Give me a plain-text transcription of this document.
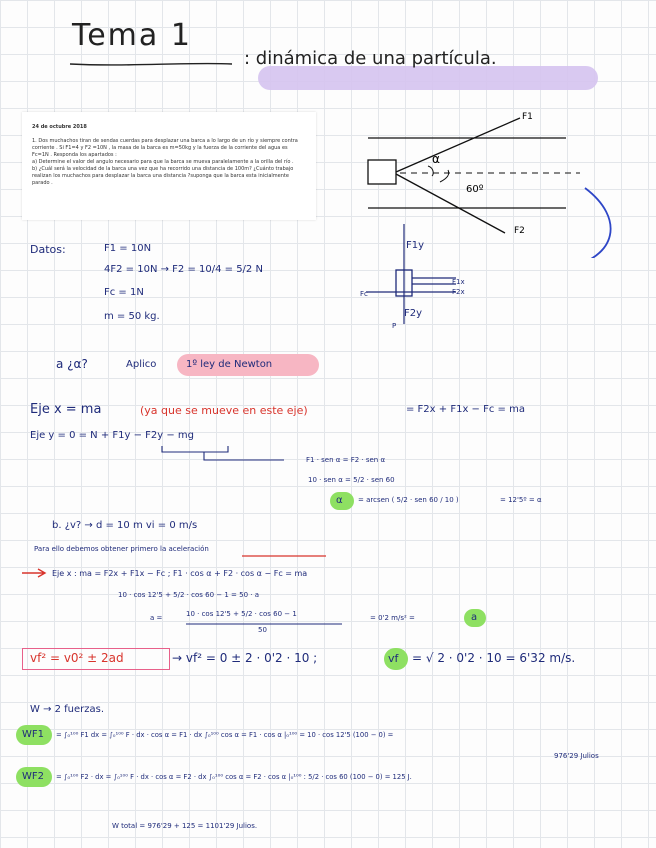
Tema 1
: dinámica de una partícula.
24 de octubre 2018
1. Dos muchachos tiran de sendas cuerdas para desplazar una barca a lo largo de un río y siempre contra corriente . Si F1=4 y F2 =10N , la masa de la barca es m=50kg y la fuerza de la corriente del agua es Fc=1N . Responda los apartados :
a) Determine el valor del angulo necesario para que la barca se mueva paralelamente a la orilla del río .
b) ¿Cuál será la velocidad de la barca una vez que ha recorrido una distancia de 100m? ¿Cuánto trabajo realizan los muchachos para desplazar la barca una distancia ?suponga que la barca esta inicialmente parado .
F1
α
60º
F2
F1y
F1x
F2x
Fc
P
F2y
Datos:	F1 = 10N
4F2 = 10N → F2 = 10/4 = 5/2 N
Fc = 1N
m = 50 kg.
a ¿α?	Aplico	1º ley de Newton
Eje x = ma	(ya que se mueve en este eje)	= F2x + F1x − Fc = ma
Eje y = 0 = N + F1y − F2y − mg
F1 · sen α = F2 · sen α
10 · sen α = 5/2 · sen 60
α = arcsen ( 5/2 · sen 60 / 10 )	= 12'5º = α
b. ¿v? → d = 10 m vi = 0 m/s
Para ello debemos obtener primero la aceleración
Eje x : ma = F2x + F1x − Fc ; F1 · cos α + F2 · cos α − Fc = ma
10 · cos 12'5 + 5/2 · cos 60 − 1 = 50 · a
a =	10 · cos 12'5 + 5/2 · cos 60 − 1
50
= 0'2 m/s² =	a
vf² = v0² ± 2ad	→ vf² = 0 ± 2 · 0'2 · 10 ;	vf = √ 2 · 0'2 · 10 = 6'32 m/s.
W → 2 fuerzas.
WF1 = ∫₀¹⁰⁰ F1 dx = ∫₀¹⁰⁰ F · dx · cos α = F1 · dx ∫₀¹⁰⁰ cos α = F1 · cos α |₀¹⁰⁰ = 10 · cos 12'5 (100 − 0) =
976'29 Julios
WF2 = ∫₀¹⁰⁰ F2 · dx = ∫₀¹⁰⁰ F · dx · cos α = F2 · dx ∫₀¹⁰⁰ cos α = F2 · cos α |₀¹⁰⁰ : 5/2 · cos 60 (100 − 0) = 125 J.
W total = 976'29 + 125 = 1101'29 Julios.
